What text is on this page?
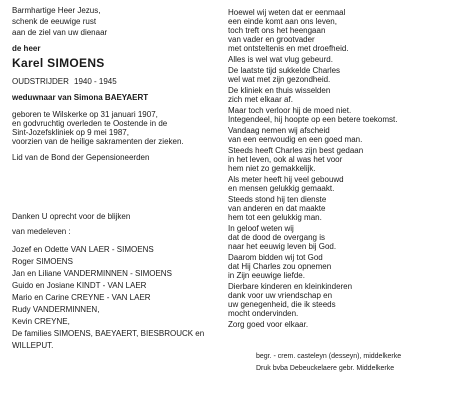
Barmhartige Heer Jezus,
schenk de eeuwige rust
aan de ziel van uw dienaar
de heer
Karel SIMOENS
OUDSTRIJDER 1940 - 1945
weduwnaar van Simona BAEYAERT
geboren te Wilskerke op 31 januari 1907,
en godvruchtig overleden te Oostende in de
Sint-Jozefskliniek op 9 mei 1987,
voorzien van de heilige sakramenten der zieken.
Lid van de Bond der Gepensioneerden
Danken U oprecht voor de blijken
van medeleven :
Jozef en Odette VAN LAER - SIMOENS
Roger SIMOENS
Jan en Liliane VANDERMINNEN - SIMOENS
Guido en Josiane KINDT - VAN LAER
Mario en Carine CREYNE - VAN LAER
Rudy VANDERMINNEN,
Kevin CREYNE,
De families SIMOENS, BAEYAERT, BIESBROUCK en
WILLEPUT.
Hoewel wij weten dat er eenmaal
een einde komt aan ons leven,
toch treft ons het heengaan
van vader en grootvader
met ontsteltenis en met droefheid.
Alles is wel wat vlug gebeurd.
De laatste tijd sukkelde Charles
wel wat met zijn gezondheid.
De kliniek en thuis wisselden
zich met elkaar af.
Maar toch verloor hij de moed niet.
Integendeel, hij hoopte op een betere toekomst.
Vandaag nemen wij afscheid
van een eenvoudig en een goed man.
Steeds heeft Charles zijn best gedaan
in het leven, ook al was het voor
hem niet zo gemakkelijk.
Als meter heeft hij veel gebouwd
en mensen gelukkig gemaakt.
Steeds stond hij ten dienste
van anderen en dat maakte
hem tot een gelukkig man.
In geloof weten wij
dat de dood de overgang is
naar het eeuwig leven bij God.
Daarom bidden wij tot God
dat Hij Charles zou opnemen
in Zijn eeuwige liefde.
Dierbare kinderen en kleinkinderen
dank voor uw vriendschap en
uw genegenheid, die ik steeds
mocht ondervinden.
Zorg goed voor elkaar.
begr. - crem. casteleyn (desseyn), middelkerke
Druk bvba Debeuckelaere gebr. Middelkerke
